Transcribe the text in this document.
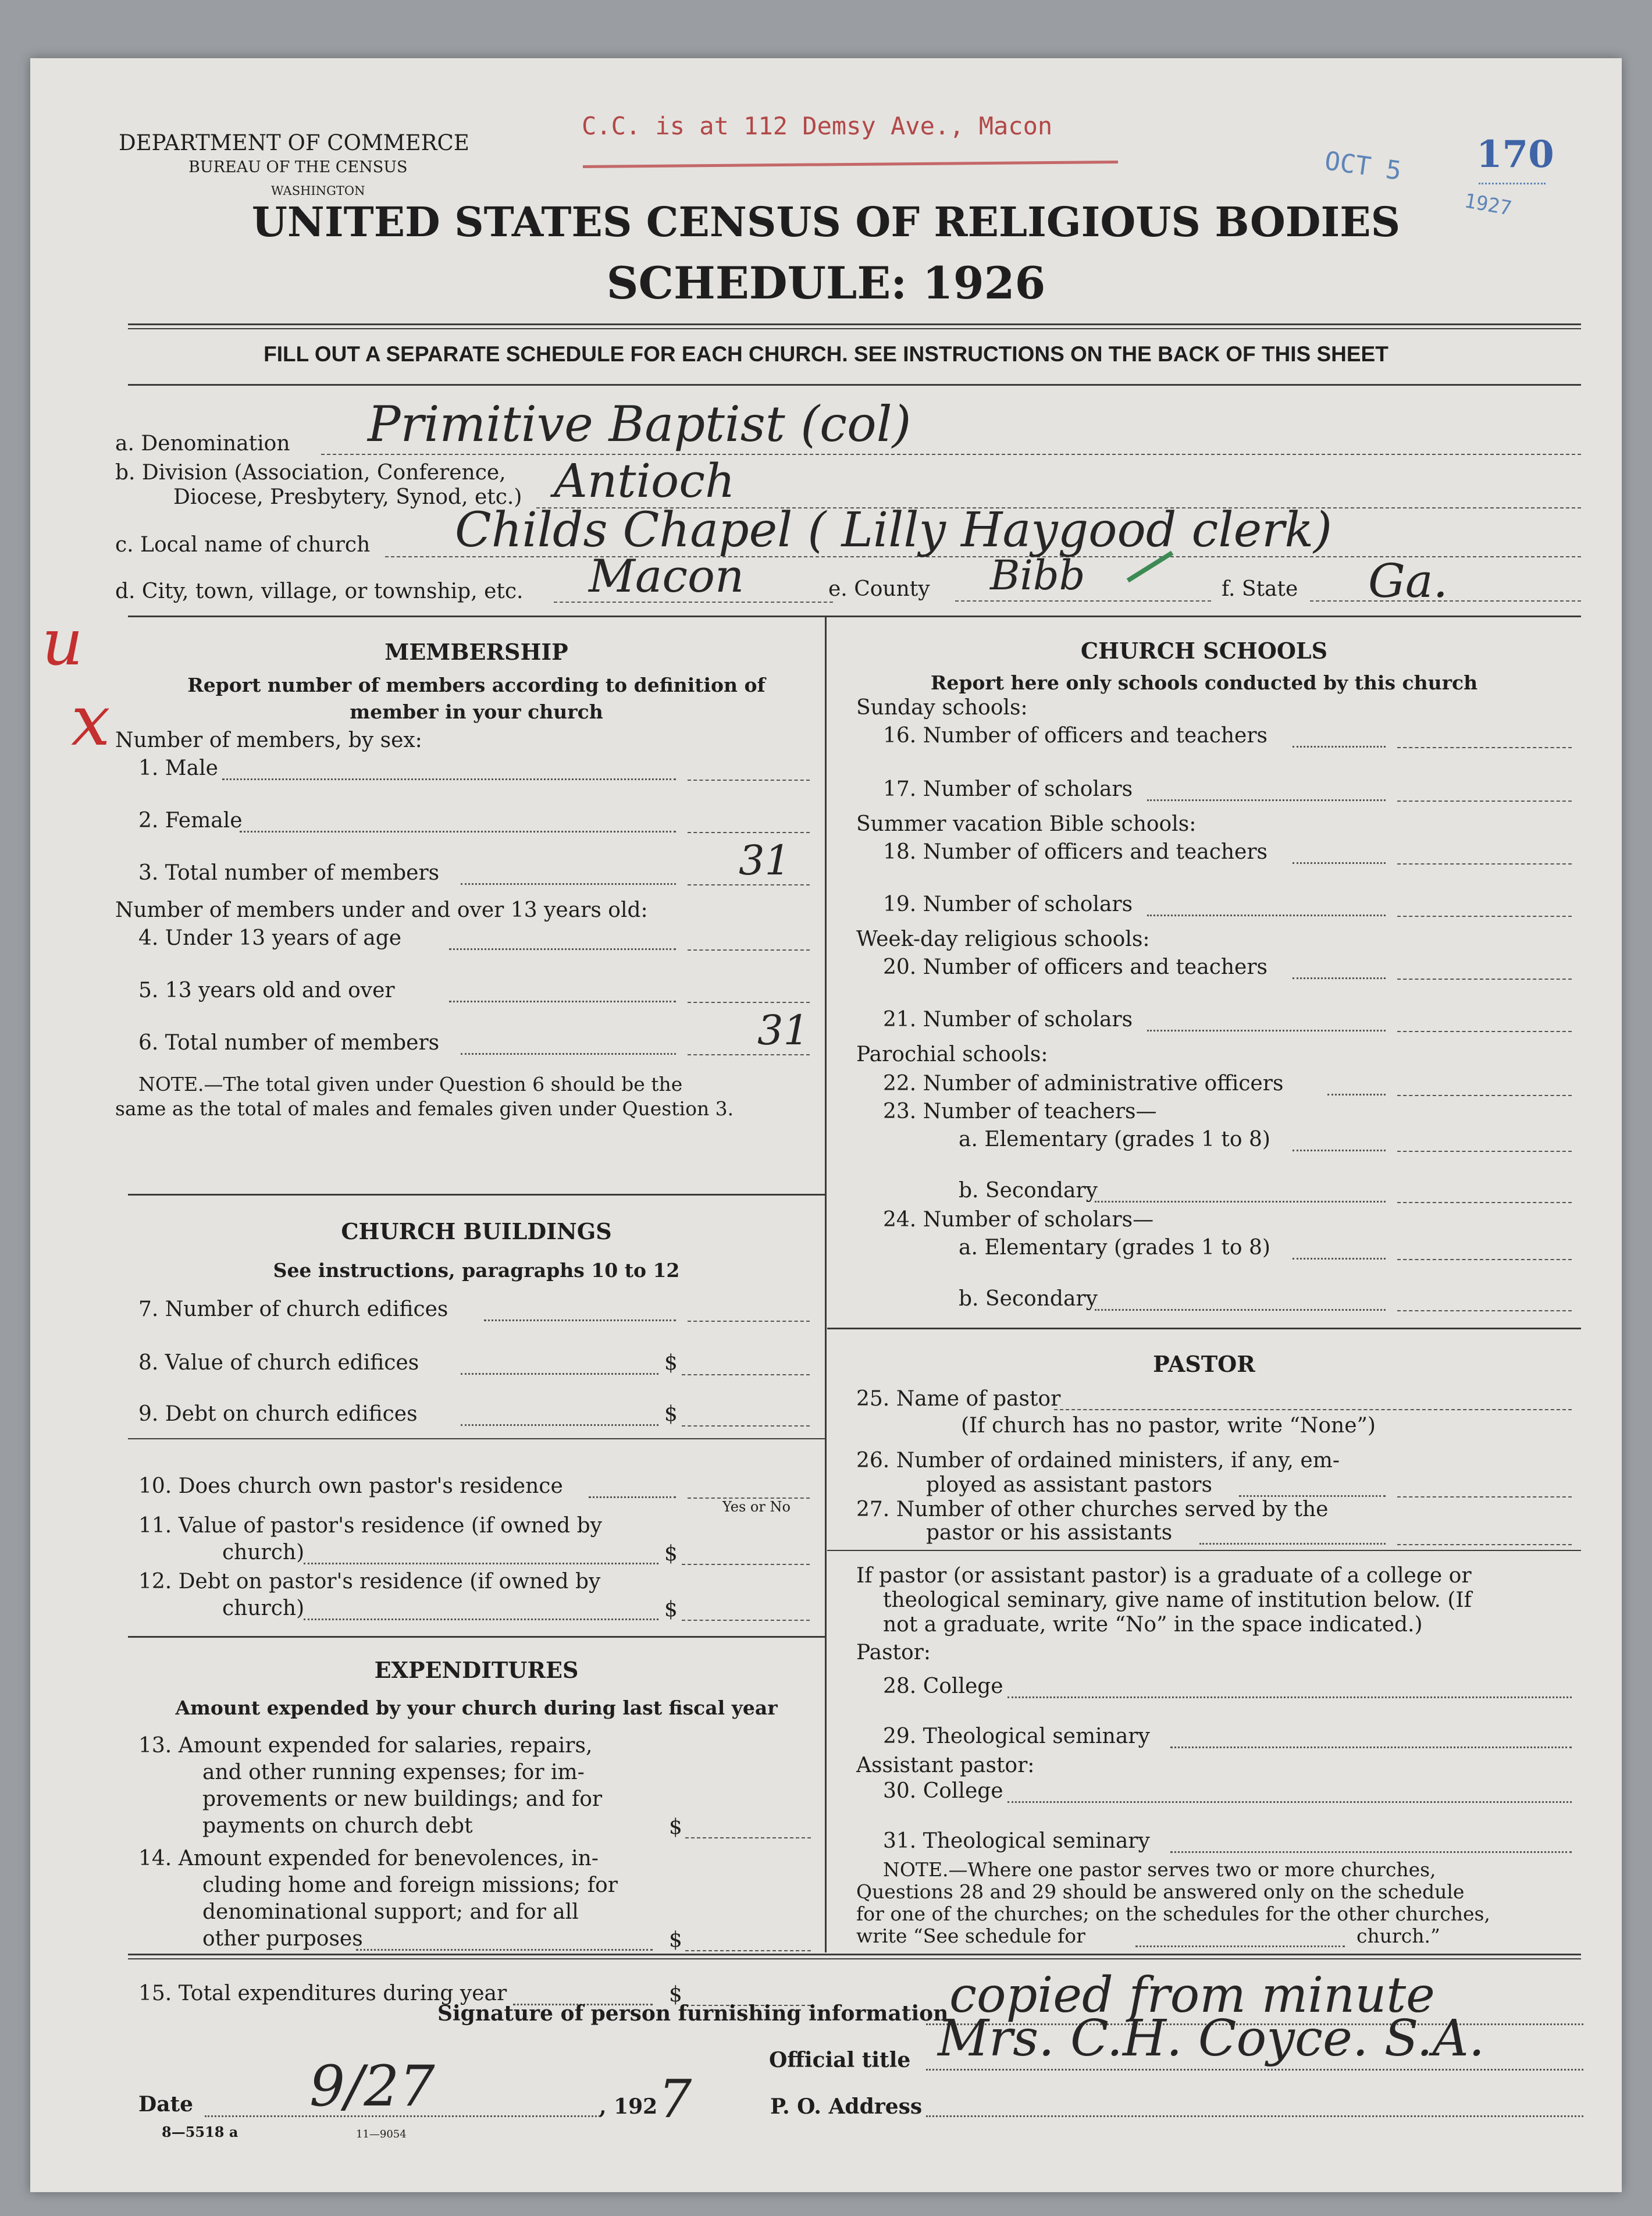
DEPARTMENT OF COMMERCE
BUREAU OF THE CENSUS
WASHINGTON
C.C. is at 112 Demsy Ave., Macon
OCT 5
1927
170
UNITED STATES CENSUS OF RELIGIOUS BODIES
SCHEDULE: 1926
FILL OUT A SEPARATE SCHEDULE FOR EACH CHURCH. SEE INSTRUCTIONS ON THE BACK OF THIS SHEET
a. Denomination Primitive Baptist (col)
b. Division (Association, Conference,
Diocese, Presbytery, Synod, etc.) Antioch
c. Local name of church Childs Chapel ( Lilly Haygood clerk)
d. City, town, village, or township, etc. Macon	e. County Bibb	f. State Ga.
u
x
MEMBERSHIP
Report number of members according to definition of
member in your church
Number of members, by sex:
1. Male
2. Female
3. Total number of members	31
Number of members under and over 13 years old:
4. Under 13 years of age
5. 13 years old and over
6. Total number of members	31
NOTE.—The total given under Question 6 should be the
same as the total of males and females given under Question 3.
CHURCH BUILDINGS
See instructions, paragraphs 10 to 12
7. Number of church edifices
8. Value of church edifices	$
9. Debt on church edifices	$
10. Does church own pastor's residence
Yes or No
11. Value of pastor's residence (if owned by
church)	$
12. Debt on pastor's residence (if owned by
church)	$
EXPENDITURES
Amount expended by your church during last fiscal year
13. Amount expended for salaries, repairs,
and other running expenses; for im-
provements or new buildings; and for
payments on church debt	$
14. Amount expended for benevolences, in-
cluding home and foreign missions; for
denominational support; and for all
other purposes	$
15. Total expenditures during year	$
CHURCH SCHOOLS
Report here only schools conducted by this church
Sunday schools:
16. Number of officers and teachers
17. Number of scholars
Summer vacation Bible schools:
18. Number of officers and teachers
19. Number of scholars
Week-day religious schools:
20. Number of officers and teachers
21. Number of scholars
Parochial schools:
22. Number of administrative officers
23. Number of teachers—
a. Elementary (grades 1 to 8)
b. Secondary
24. Number of scholars—
a. Elementary (grades 1 to 8)
b. Secondary
PASTOR
25. Name of pastor
(If church has no pastor, write “None”)
26. Number of ordained ministers, if any, em-
ployed as assistant pastors
27. Number of other churches served by the
pastor or his assistants
If pastor (or assistant pastor) is a graduate of a college or
theological seminary, give name of institution below. (If
not a graduate, write “No” in the space indicated.)
Pastor:
28. College
29. Theological seminary
Assistant pastor:
30. College
31. Theological seminary
NOTE.—Where one pastor serves two or more churches,
Questions 28 and 29 should be answered only on the schedule
for one of the churches; on the schedules for the other churches,
write “See schedule for	church.”
Signature of person furnishing information copied from minute
Official title Mrs. C.H. Coyce. S.A.
Date 9/27	, 192 7	P. O. Address
8—5518 a	11—9054
